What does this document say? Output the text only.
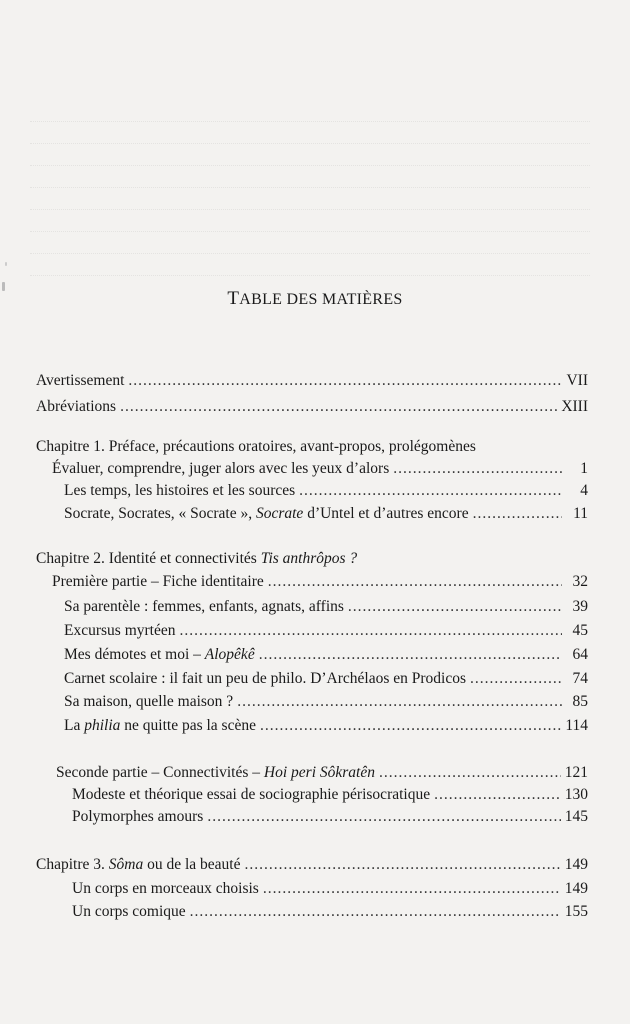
TABLE DES MATIÈRES
Avertissement .....	VII
Abréviations .....	XIII
Chapitre 1. Préface, précautions oratoires, avant-propos, prolégomènes
Évaluer, comprendre, juger alors avec les yeux d’alors .....	1
Les temps, les histoires et les sources .....	4
Socrate, Socrates, « Socrate », Socrate d’Untel et d’autres encore .....	11
Chapitre 2. Identité et connectivités Tis anthrôpos ?
Première partie – Fiche identitaire .....	32
Sa parentèle : femmes, enfants, agnats, affins .....	39
Excursus myrtéen .....	45
Mes démotes et moi – Alopêkê .....	64
Carnet scolaire : il fait un peu de philo. D’Archélaos en Prodicos .....	74
Sa maison, quelle maison ? .....	85
La philia ne quitte pas la scène .....	114
Seconde partie – Connectivités – Hoi peri Sôkratên .....	121
Modeste et théorique essai de sociographie périsocratique .....	130
Polymorphes amours .....	145
Chapitre 3. Sôma ou de la beauté .....	149
Un corps en morceaux choisis .....	149
Un corps comique .....	155
